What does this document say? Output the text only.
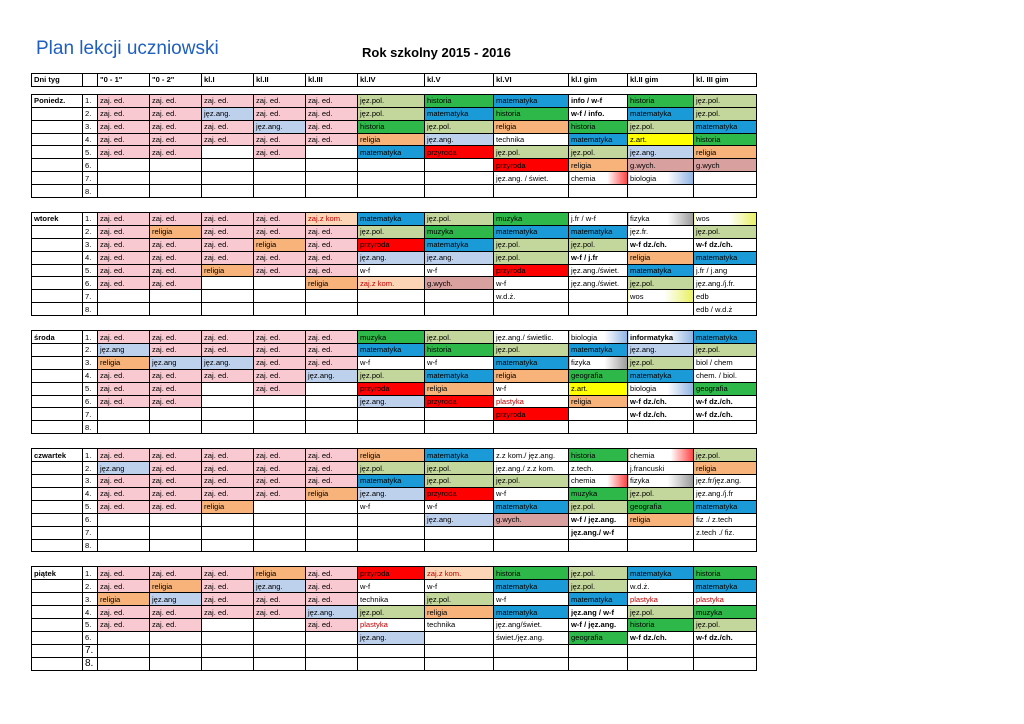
Plan lekcji uczniowski	Rok szkolny 2015 - 2016
Dni tyg		"0 - 1"	"0 - 2"	kl.I	kl.II	kl.III	kl.IV	kl.V	kl.VI	kl.I gim	kl.II gim	kl. III gim

Poniedz.	1.	zaj. ed.	zaj. ed.	zaj. ed.	zaj. ed.	zaj. ed.	jęz.pol.	historia	matematyka	info / w-f	historia	jęz.pol.
	2.	zaj. ed.	zaj. ed.	jęz.ang.	zaj. ed.	zaj. ed.	jęz.pol.	matematyka	historia	w-f / info.	matematyka	jęz.pol.
	3.	zaj. ed.	zaj. ed.	zaj. ed.	jęz.ang.	zaj. ed.	historia	jęz.pol.	religia	historia	jęz.pol.	matematyka
	4.	zaj. ed.	zaj. ed.	zaj. ed.	zaj. ed.	zaj. ed.	religia	jęz.ang.	technika	matematyka	z.art.	historia
	5.	zaj. ed.	zaj. ed.		zaj. ed.		matematyka	przyroda	jęz.pol.	jęz.pol.	jęz.ang.	religia
	6.								przyroda	religia	g.wych.	g.wych
	7.								jęz.ang. / świet.	chemia	biologia	
	8.											

wtorek	1.	zaj. ed.	zaj. ed.	zaj. ed.	zaj. ed.	zaj.z kom.	matematyka	jęz.pol.	muzyka	j.fr / w-f	fizyka	wos
	2.	zaj. ed.	religia	zaj. ed.	zaj. ed.	zaj. ed.	jęz.pol.	muzyka	matematyka	matematyka	jęz.fr.	jęz.pol.
	3.	zaj. ed.	zaj. ed.	zaj. ed.	religia	zaj. ed.	przyroda	matematyka	jęz.pol.	jęz.pol.	w-f dz./ch.	w-f dz./ch.
	4.	zaj. ed.	zaj. ed.	zaj. ed.	zaj. ed.	zaj. ed.	jęz.ang.	jęz.ang.	jęz.pol.	w-f / j.fr	religia	matematyka
	5.	zaj. ed.	zaj. ed.	religia	zaj. ed.	zaj. ed.	w-f	w-f	przyroda	jęz.ang./świet.	matematyka	j.fr / j.ang
	6.	zaj. ed.	zaj. ed.			religia	zaj.z kom.	g.wych.	w-f	jęz.ang./świet.	jęz.pol.	jęz.ang./j.fr.
	7.								w.d.ż.		wos	edb
	8.											edb / w.d.ż

środa	1.	zaj. ed.	zaj. ed.	zaj. ed.	zaj. ed.	zaj. ed.	muzyka	jęz.pol.	jęz.ang./ świetlic.	biologia	informatyka	matematyka
	2.	jęz.ang	zaj. ed.	zaj. ed.	zaj. ed.	zaj. ed.	matematyka	historia	jęz.pol.	matematyka	jęz.ang.	jęz.pol.
	3.	religia	jęz.ang	jęz.ang.	zaj. ed.	zaj. ed.	w-f	w-f	matematyka	fizyka	jęz.pol.	biol / chem
	4.	zaj. ed.	zaj. ed.	zaj. ed.	zaj. ed.	jęz.ang.	jęz.pol.	matematyka	religia	geografia	matematyka	chem. / biol.
	5.	zaj. ed.	zaj. ed.		zaj. ed.		przyroda	religia	w-f	z.art.	biologia	geografia
	6.	zaj. ed.	zaj. ed.				jęz.ang.	przyroda	plastyka	religia	w-f dz./ch.	w-f dz./ch.
	7.								przyroda		w-f dz./ch.	w-f dz./ch.
	8.											

czwartek	1.	zaj. ed.	zaj. ed.	zaj. ed.	zaj. ed.	zaj. ed.	religia	matematyka	z.z kom./ jęz.ang.	historia	chemia	jęz.pol.
	2.	jęz.ang	zaj. ed.	zaj. ed.	zaj. ed.	zaj. ed.	jęz.pol.	jęz.pol.	jęz.ang./ z.z kom.	z.tech.	j.francuski	religia
	3.	zaj. ed.	zaj. ed.	zaj. ed.	zaj. ed.	zaj. ed.	matematyka	jęz.pol.	jęz.pol.	chemia	fizyka	jęz.fr/jęz.ang.
	4.	zaj. ed.	zaj. ed.	zaj. ed.	zaj. ed.	religia	jęz.ang.	przyroda	w-f	muzyka	jęz.pol.	jęz.ang./j.fr
	5.	zaj. ed.	zaj. ed.	religia			w-f	w-f	matematyka	jęz.pol.	geografia	matematyka
	6.							jęz.ang.	g.wych.	w-f / jęz.ang.	religia	fiz ./ z.tech
	7.									jęz.ang./ w-f		z.tech ./ fiz.
	8.											

piątek	1.	zaj. ed.	zaj. ed.	zaj. ed.	religia	zaj. ed.	przyroda	zaj.z kom.	historia	jęz.pol.	matematyka	historia
	2.	zaj. ed.	religia	zaj. ed.	jęz.ang.	zaj. ed.	w-f	w-f	matematyka	jęz.pol.	w.d.ż.	matematyka
	3.	religia	jęz.ang	zaj. ed.	zaj. ed.	zaj. ed.	technika	jęz.pol.	w-f	matematyka	plastyka	plastyka
	4.	zaj. ed.	zaj. ed.	zaj. ed.	zaj. ed.	jęz.ang.	jęz.pol.	religia	matematyka	jęz.ang / w-f	jęz.pol.	muzyka
	5.	zaj. ed.	zaj. ed.			zaj. ed.	plastyka	technika	jęz.ang/świet.	w-f / jęz.ang.	historia	jęz.pol.
	6.						jęz.ang.		świet./jęz.ang.	geografia	w-f dz./ch.	w-f dz./ch.
	7.											
	8.											
